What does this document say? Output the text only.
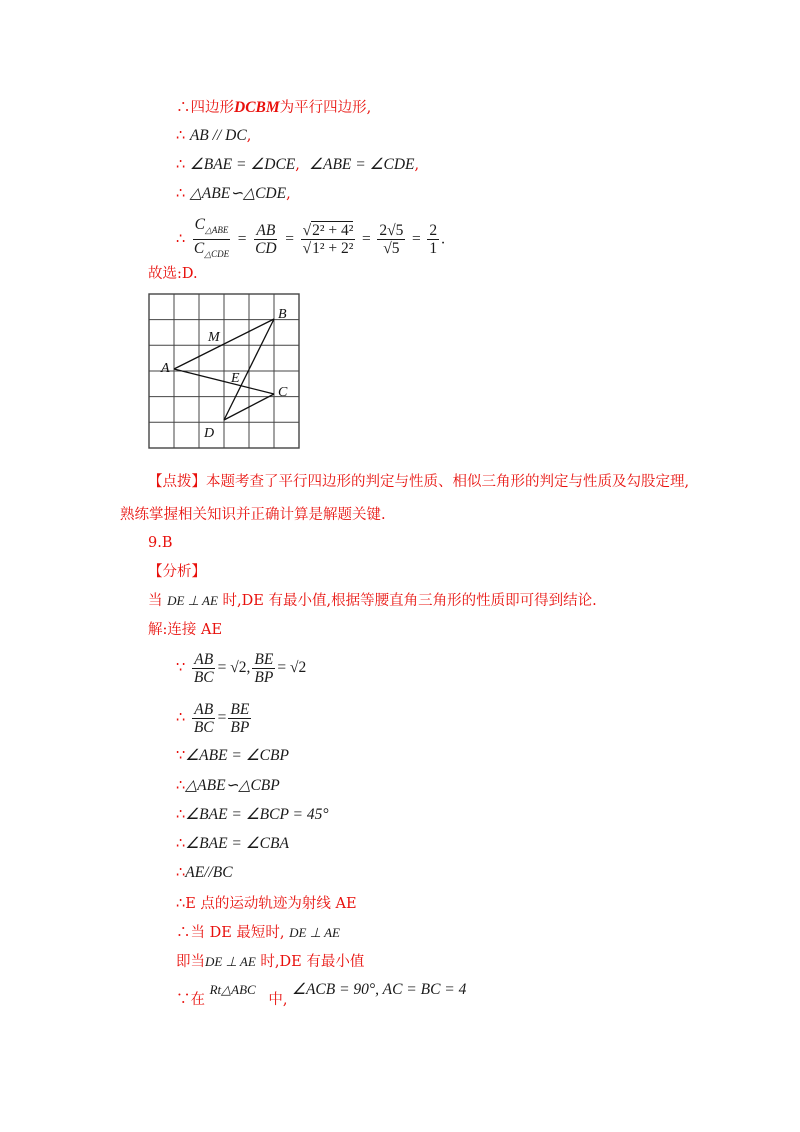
∴四边形DCBM为平行四边形,
∴ AB // DC,
∴ ∠BAE = ∠DCE,  ∠ABE = ∠CDE,
∴ △ABE∽△CDE,
∴ $\frac{C_{\triangle ABE}}{C_{\triangle CDE}} = \frac{AB}{CD} = \frac{\text{√2² + 4²}}{\text{√1² + 2²}} = \frac{2√5}{√5} = \frac{2}{1}$ .
故选:D.
A
B
C
D
E
M
【点拨】本题考查了平行四边形的判定与性质、相似三角形的判定与性质及勾股定理,
熟练掌握相关知识并正确计算是解题关键.
9.B
【分析】
当 DE ⊥ AE 时,DE 有最小值,根据等腰直角三角形的性质即可得到结论.
解:连接 AE
∵ $\frac{AB}{BC} = √2$, $\frac{BE}{BP} = √2$
∴ $\frac{AB}{BC} = \frac{BE}{BP}$
∵∠ABE = ∠CBP
∴△ABE∽△CBP
∴∠BAE = ∠BCP = 45°
∴∠BAE = ∠CBA
∴AE//BC
∴E 点的运动轨迹为射线 AE
∴当 DE 最短时, DE ⊥ AE
即当DE ⊥ AE 时,DE 有最小值
∵在 Rt△ABC 中, ∠ACB = 90°, AC = BC = 4
